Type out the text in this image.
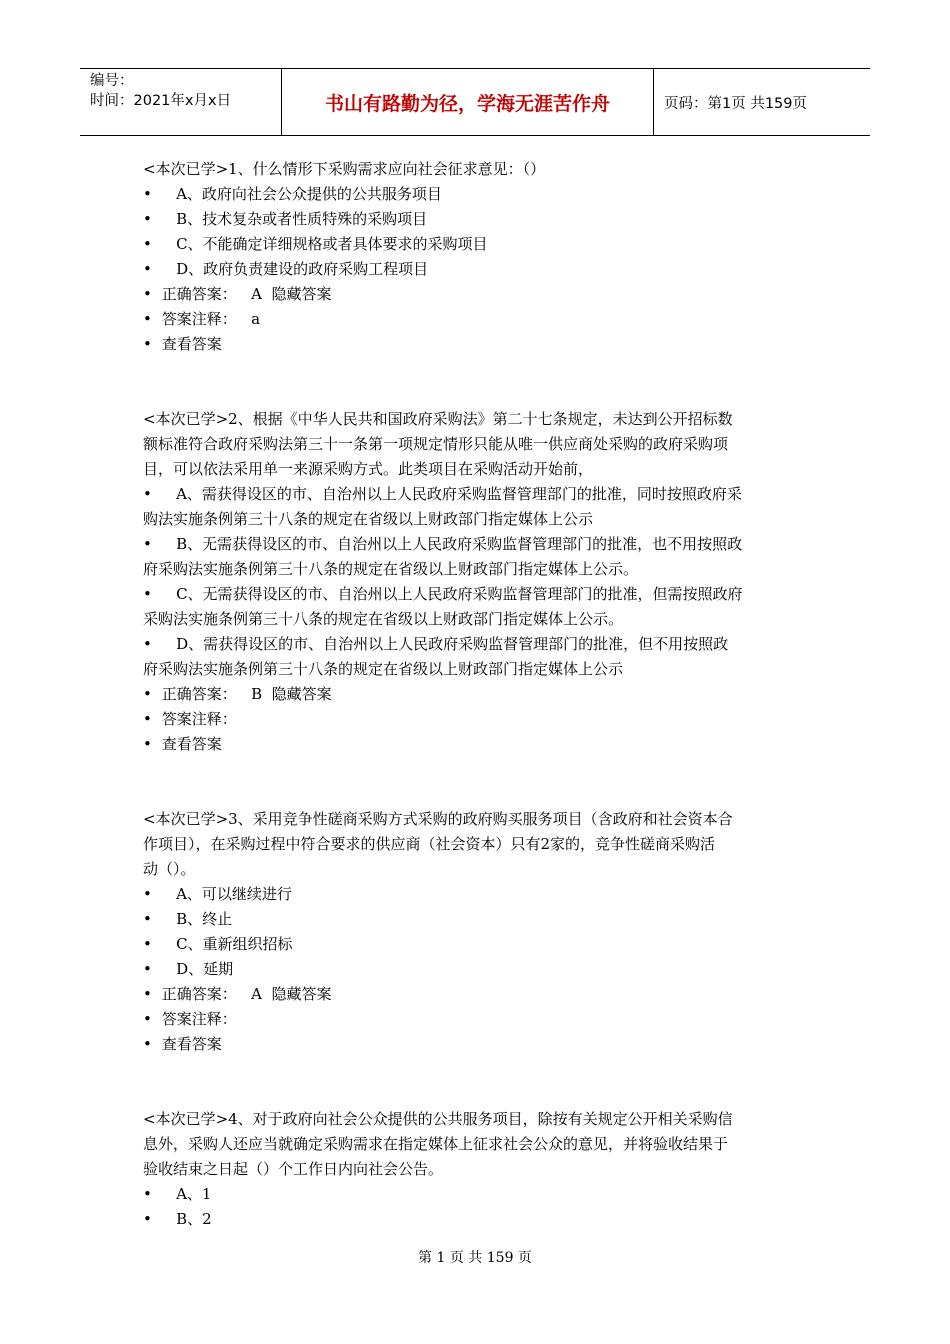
编号：
时间：2021年x月x日	书山有路勤为径，学海无涯苦作舟	页码：第1页 共159页
<本次已学>1、什么情形下采购需求应向社会征求意见：（）
•    A、政府向社会公众提供的公共服务项目
•    B、技术复杂或者性质特殊的采购项目
•    C、不能确定详细规格或者具体要求的采购项目
•    D、政府负责建设的政府采购工程项目
• 正确答案：   A  隐藏答案
• 答案注释：   a
• 查看答案
<本次已学>2、根据《中华人民共和国政府采购法》第二十七条规定，未达到公开招标数
额标准符合政府采购法第三十一条第一项规定情形只能从唯一供应商处采购的政府采购项
目，可以依法采用单一来源采购方式。此类项目在采购活动开始前，
•    A、需获得设区的市、自治州以上人民政府采购监督管理部门的批准，同时按照政府采
购法实施条例第三十八条的规定在省级以上财政部门指定媒体上公示
•    B、无需获得设区的市、自治州以上人民政府采购监督管理部门的批准，也不用按照政
府采购法实施条例第三十八条的规定在省级以上财政部门指定媒体上公示。
•    C、无需获得设区的市、自治州以上人民政府采购监督管理部门的批准，但需按照政府
采购法实施条例第三十八条的规定在省级以上财政部门指定媒体上公示。
•    D、需获得设区的市、自治州以上人民政府采购监督管理部门的批准，但不用按照政
府采购法实施条例第三十八条的规定在省级以上财政部门指定媒体上公示
• 正确答案：   B  隐藏答案
• 答案注释：
• 查看答案
<本次已学>3、采用竞争性磋商采购方式采购的政府购买服务项目（含政府和社会资本合
作项目），在采购过程中符合要求的供应商（社会资本）只有2家的，竞争性磋商采购活
动（）。
•    A、可以继续进行
•    B、终止
•    C、重新组织招标
•    D、延期
• 正确答案：   A  隐藏答案
• 答案注释：
• 查看答案
<本次已学>4、对于政府向社会公众提供的公共服务项目，除按有关规定公开相关采购信
息外，采购人还应当就确定采购需求在指定媒体上征求社会公众的意见，并将验收结果于
验收结束之日起（）个工作日内向社会公告。
•    A、1
•    B、2
第 1 页 共 159 页
